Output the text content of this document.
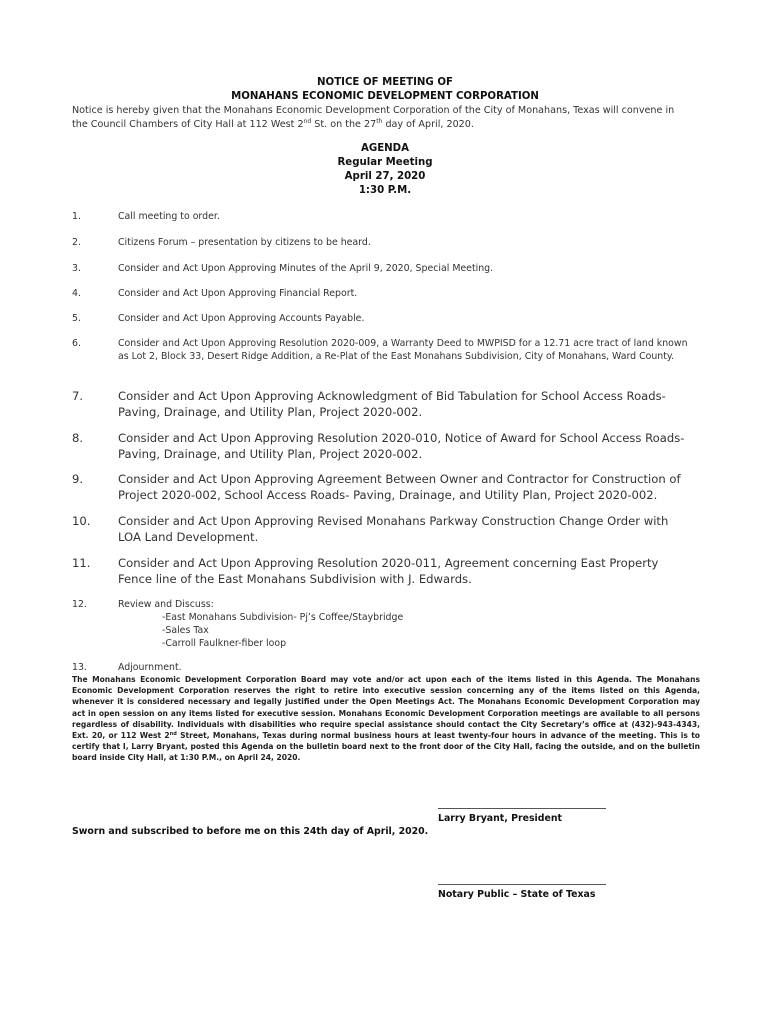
NOTICE OF MEETING OF
MONAHANS ECONOMIC DEVELOPMENT CORPORATION
Notice is hereby given that the Monahans Economic Development Corporation of the City of Monahans, Texas will convene in
the Council Chambers of City Hall at 112 West 2nd St. on the 27th day of April, 2020.
AGENDA
Regular Meeting
April 27, 2020
1:30 P.M.
1.	Call meeting to order.
2.	Citizens Forum – presentation by citizens to be heard.
3.	Consider and Act Upon Approving Minutes of the April 9, 2020, Special Meeting.
4.	Consider and Act Upon Approving Financial Report.
5.	Consider and Act Upon Approving Accounts Payable.
6.	Consider and Act Upon Approving Resolution 2020-009, a Warranty Deed to MWPISD for a 12.71 acre tract of land known as Lot 2, Block 33, Desert Ridge Addition, a Re-Plat of the East Monahans Subdivision, City of Monahans, Ward County.
7.	Consider and Act Upon Approving Acknowledgment of Bid Tabulation for School Access Roads- Paving, Drainage, and Utility Plan, Project 2020-002.
8.	Consider and Act Upon Approving Resolution 2020-010, Notice of Award for School Access Roads- Paving, Drainage, and Utility Plan, Project 2020-002.
9.	Consider and Act Upon Approving Agreement Between Owner and Contractor for Construction of Project 2020-002, School Access Roads- Paving, Drainage, and Utility Plan, Project 2020-002.
10. Consider and Act Upon Approving Revised Monahans Parkway Construction Change Order with LOA Land Development.
11. Consider and Act Upon Approving Resolution 2020-011, Agreement concerning East Property Fence line of the East Monahans Subdivision with J. Edwards.
12.	Review and Discuss:
-East Monahans Subdivision- Pj’s Coffee/Staybridge
-Sales Tax
-Carroll Faulkner-fiber loop
13.	Adjournment.
The Monahans Economic Development Corporation Board may vote and/or act upon each of the items listed in this Agenda. The Monahans Economic Development Corporation reserves the right to retire into executive session concerning any of the items listed on this Agenda, whenever it is considered necessary and legally justified under the Open Meetings Act. The Monahans Economic Development Corporation may act in open session on any items listed for executive session. Monahans Economic Development Corporation meetings are available to all persons regardless of disability. Individuals with disabilities who require special assistance should contact the City Secretary’s office at (432)-943-4343, Ext. 20, or 112 West 2nd Street, Monahans, Texas during normal business hours at least twenty-four hours in advance of the meeting. This is to certify that I, Larry Bryant, posted this Agenda on the bulletin board next to the front door of the City Hall, facing the outside, and on the bulletin board inside City Hall, at 1:30 P.M., on April 24, 2020.
Larry Bryant, President
Sworn and subscribed to before me on this 24th day of April, 2020.
Notary Public – State of Texas
